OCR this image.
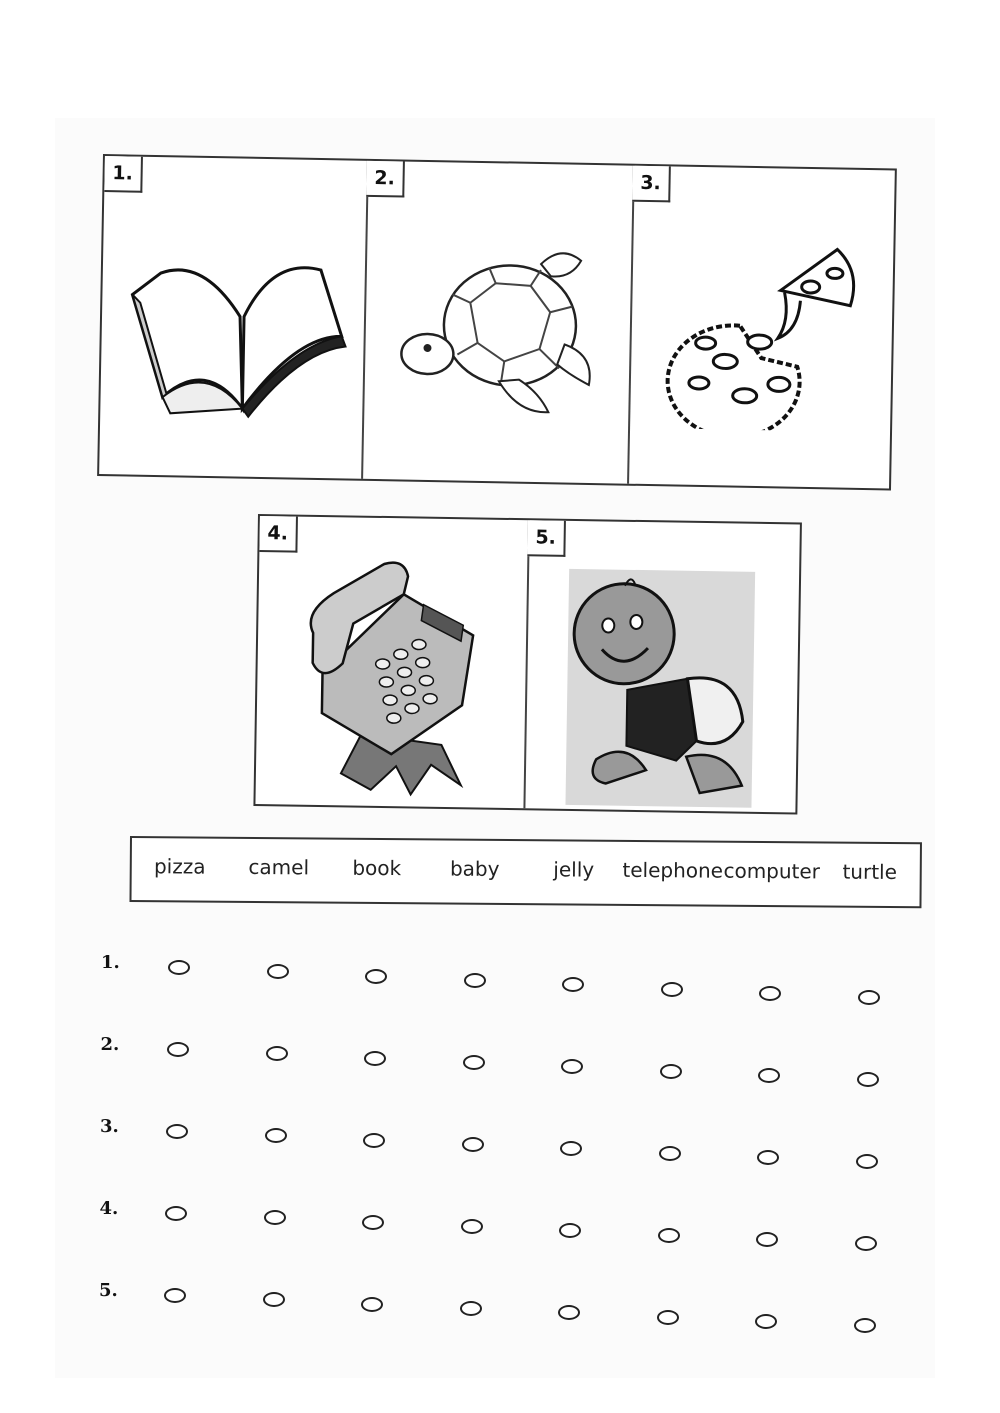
1.	2.	3.
4.	5.
pizza camel book baby	jelly telephone computer turtle
1.
2.
3.
4.
5.
